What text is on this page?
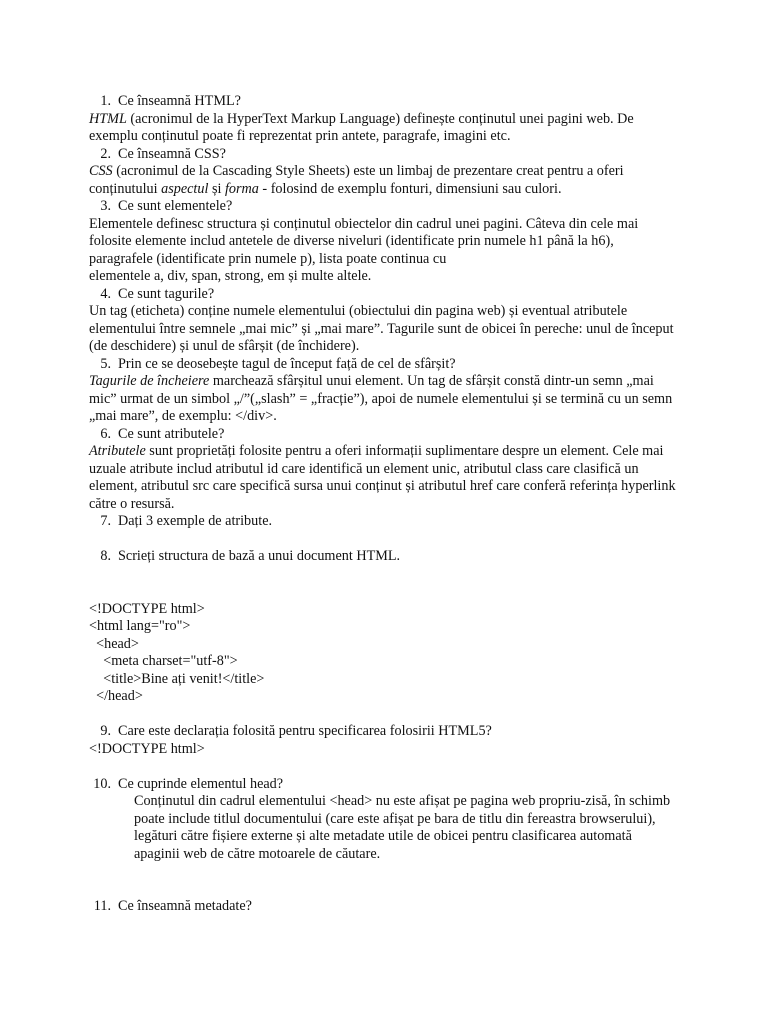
1. Ce înseamnă HTML?

HTML (acronimul de la HyperText Markup Language) definește conținutul unei pagini web. De exemplu conținutul poate fi reprezentat prin antete, paragrafe, imagini etc.

2. Ce înseamnă CSS?

CSS (acronimul de la Cascading Style Sheets) este un limbaj de prezentare creat pentru a oferi conținutului aspectul și forma - folosind de exemplu fonturi, dimensiuni sau culori.

3. Ce sunt elementele?

Elementele definesc structura și conținutul obiectelor din cadrul unei pagini. Câteva din cele mai folosite elemente includ antetele de diverse niveluri (identificate prin numele h1 până la h6), paragrafele (identificate prin numele p), lista poate continua cu

elementele a, div, span, strong, em și multe altele.

4. Ce sunt tagurile?

Un tag (eticheta) conține numele elementului (obiectului din pagina web) și eventual atributele elementului între semnele „mai mic” și „mai mare”. Tagurile sunt de obicei în pereche: unul de început (de deschidere) și unul de sfârșit (de închidere).

5. Prin ce se deosebește tagul de început față de cel de sfârșit?

Tagurile de încheiere marchează sfârșitul unui element. Un tag de sfârșit constă dintr-un semn „mai mic” urmat de un simbol „/”(„slash” = „fracție”), apoi de numele elementului și se termină cu un semn „mai mare”, de exemplu: </div>.

6. Ce sunt atributele?

Atributele sunt proprietăți folosite pentru a oferi informații suplimentare despre un element. Cele mai uzuale atribute includ atributul id care identifică un element unic, atributul class care clasifică un element, atributul src care specifică sursa unui conținut și atributul href care conferă referința hyperlink către o resursă.

7. Dați 3 exemple de atribute.
8. Scrieți structura de bază a unui document HTML.
<!DOCTYPE html>
<html lang="ro">
<head>
<meta charset="utf-8">
<title>Bine ați venit!</title>
</head>
9. Care este declarația folosită pentru specificarea folosirii HTML5?

<!DOCTYPE html>

10. Ce cuprinde elementul head?

Conținutul din cadrul elementului <head> nu este afișat pe pagina web propriu-zisă, în schimb poate include titlul documentului (care este afișat pe bara de titlu din fereastra browserului), legături către fișiere externe și alte metadate utile de obicei pentru clasificarea automată apaginii web de către motoarele de căutare.

11. Ce înseamnă metadate?
